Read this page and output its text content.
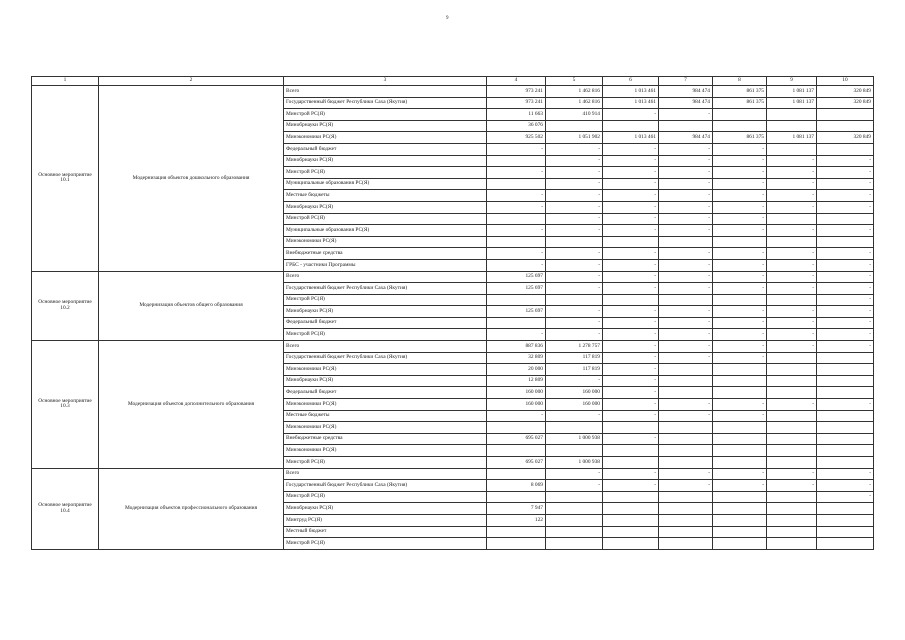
9
1	2	3	4	5	6	7	8	9	10
Основное мероприятие 10.1	Модернизация объектов дошкольного образования	Всего	973 241	1 462 816	1 013 461	984 474	861 375	1 081 137	320 849
		Государственный бюджет Республики Саха (Якутия)	973 241	1 462 816	1 013 461	984 474	861 375	1 081 137	320 849
		Минстрой РС(Я)	11 663	410 914	-	-			
		Минобрнауки РС(Я)	36 076						
		Минэкономики РС(Я)	925 502	1 051 902	1 013 461	984 474	861 375	1 081 137	320 849
		Федеральный бюджет	-	-	-	-	-		
		Минобрнауки РС(Я)		-	-	-	-	-	-
		Минстрой РС(Я)	-	-	-	-	-	-	-
		Муниципальные образования РС(Я)		-	-	-	-	-	-
		Местные бюджеты	-	-	-	-	-	-	-
		Минобрнауки РС(Я)	-	-	-	-	-	-	-
		Минстрой РС(Я)		-	-	-	-		
		Муниципальные образования РС(Я)	-	-	-	-	-	-	-
		Минэкономики РС(Я)							
		Внебюджетные средства	-	-	-	-	-	-	-
		ГРБС - участники Программы	-	-	-	-	-	-	-
Основное мероприятие 10.2	Модернизация объектов общего образования	Всего	125 697	-	-	-	-	-	-
		Государственный бюджет Республики Саха (Якутия)	125 697	-	-	-	-	-	-
		Минстрой РС(Я)							-
		Минобрнауки РС(Я)	125 697	-	-	-	-	-	-
		Федеральный бюджет		-	-	-	-	-	-
		Минстрой РС(Я)	-	-	-	-	-	-	-
Основное мероприятие 10.3	Модернизация объектов дополнительного образования	Всего	887 836	1 278 757	-	-	-	-	-
		Государственный бюджет Республики Саха (Якутия)	32 809	117 819	-	-	-		
		Минэкономики РС(Я)	20 000	117 819	-				
		Минобрнауки РС(Я)	12 809	-	-				
		Федеральный бюджет	160 000	160 000	-				
		Минэкономики РС(Я)	160 000	160 000	-	-	-	-	-
		Местные бюджеты	-	-	-	-	-		
		Минэкономики РС(Я)							
		Внебюджетные средства	695 027	1 000 938	-				
		Минэкономики РС(Я)							
		Минстрой РС(Я)	695 027	1 000 938					
Основное мероприятие 10.4	Модернизация объектов профессионального образования	Всего		-	-	-	-	-	-
		Государственный бюджет Республики Саха (Якутия)	8 069	-	-	-	-	-	-
		Минстрой РС(Я)							-
		Минобрнауки РС(Я)	7 947						
		Минтруд РС(Я)	122						
		Местный бюджет							
		Минстрой РС(Я)							
